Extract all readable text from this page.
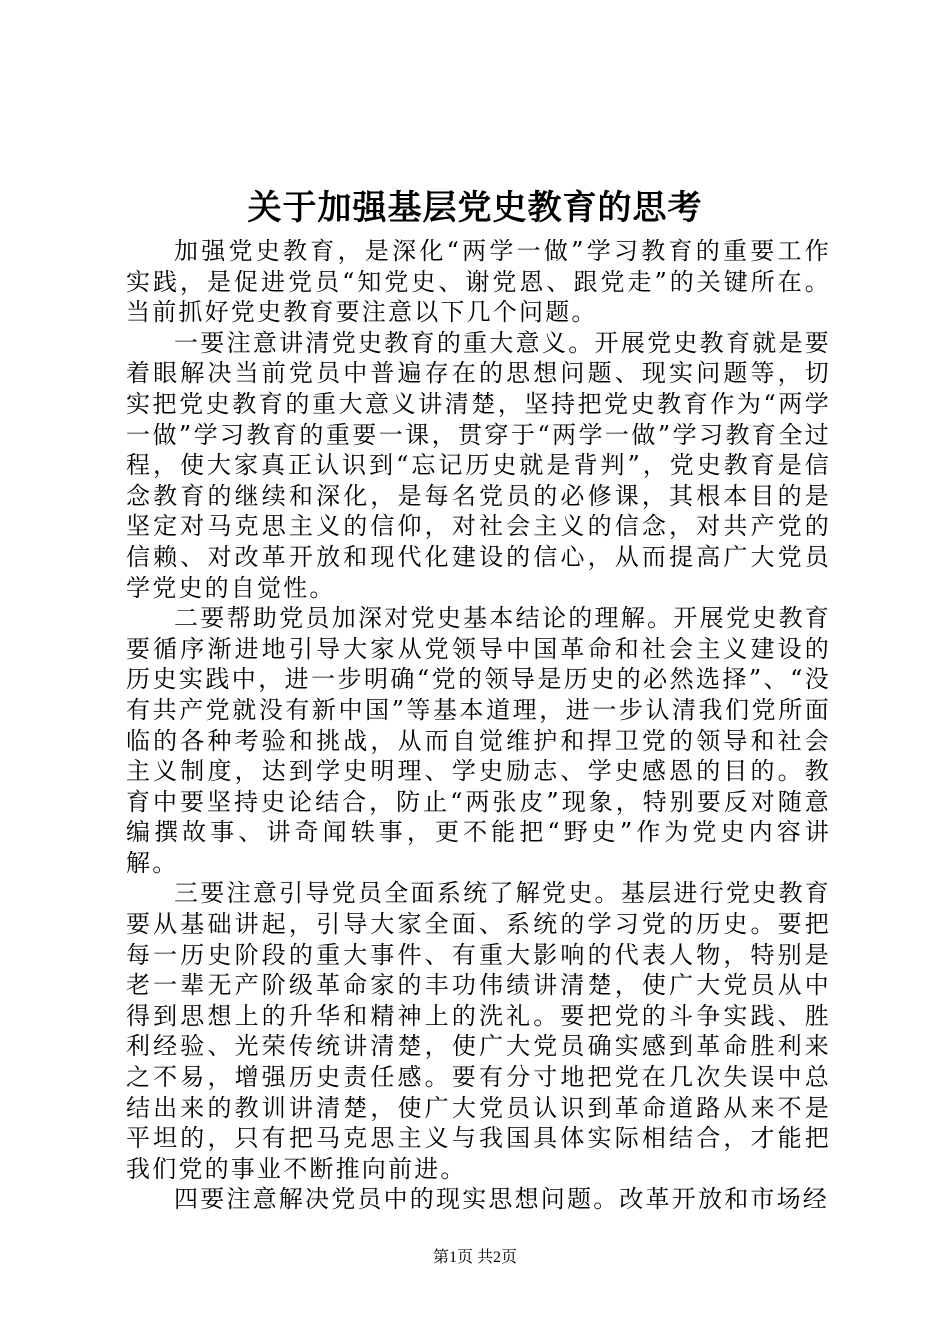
关于加强基层党史教育的思考

加强党史教育，是深化“两学一做”学习教育的重要工作实践，是促进党员“知党史、谢党恩、跟党走”的关键所在。当前抓好党史教育要注意以下几个问题。

一要注意讲清党史教育的重大意义。开展党史教育就是要着眼解决当前党员中普遍存在的思想问题、现实问题等，切实把党史教育的重大意义讲清楚，坚持把党史教育作为“两学一做”学习教育的重要一课，贯穿于“两学一做”学习教育全过程，使大家真正认识到“忘记历史就是背判”，党史教育是信念教育的继续和深化，是每名党员的必修课，其根本目的是坚定对马克思主义的信仰，对社会主义的信念，对共产党的信赖、对改革开放和现代化建设的信心，从而提高广大党员学党史的自觉性。

二要帮助党员加深对党史基本结论的理解。开展党史教育要循序渐进地引导大家从党领导中国革命和社会主义建设的历史实践中，进一步明确“党的领导是历史的必然选择”、“没有共产党就没有新中国”等基本道理，进一步认清我们党所面临的各种考验和挑战，从而自觉维护和捍卫党的领导和社会主义制度，达到学史明理、学史励志、学史感恩的目的。教育中要坚持史论结合，防止“两张皮”现象，特别要反对随意编撰故事、讲奇闻轶事，更不能把“野史”作为党史内容讲解。

三要注意引导党员全面系统了解党史。基层进行党史教育要从基础讲起，引导大家全面、系统的学习党的历史。要把每一历史阶段的重大事件、有重大影响的代表人物，特别是老一辈无产阶级革命家的丰功伟绩讲清楚，使广大党员从中得到思想上的升华和精神上的洗礼。要把党的斗争实践、胜利经验、光荣传统讲清楚，使广大党员确实感到革命胜利来之不易，增强历史责任感。要有分寸地把党在几次失误中总结出来的教训讲清楚，使广大党员认识到革命道路从来不是平坦的，只有把马克思主义与我国具体实际相结合，才能把我们党的事业不断推向前进。

四要注意解决党员中的现实思想问题。改革开放和市场经

第1页 共2页
